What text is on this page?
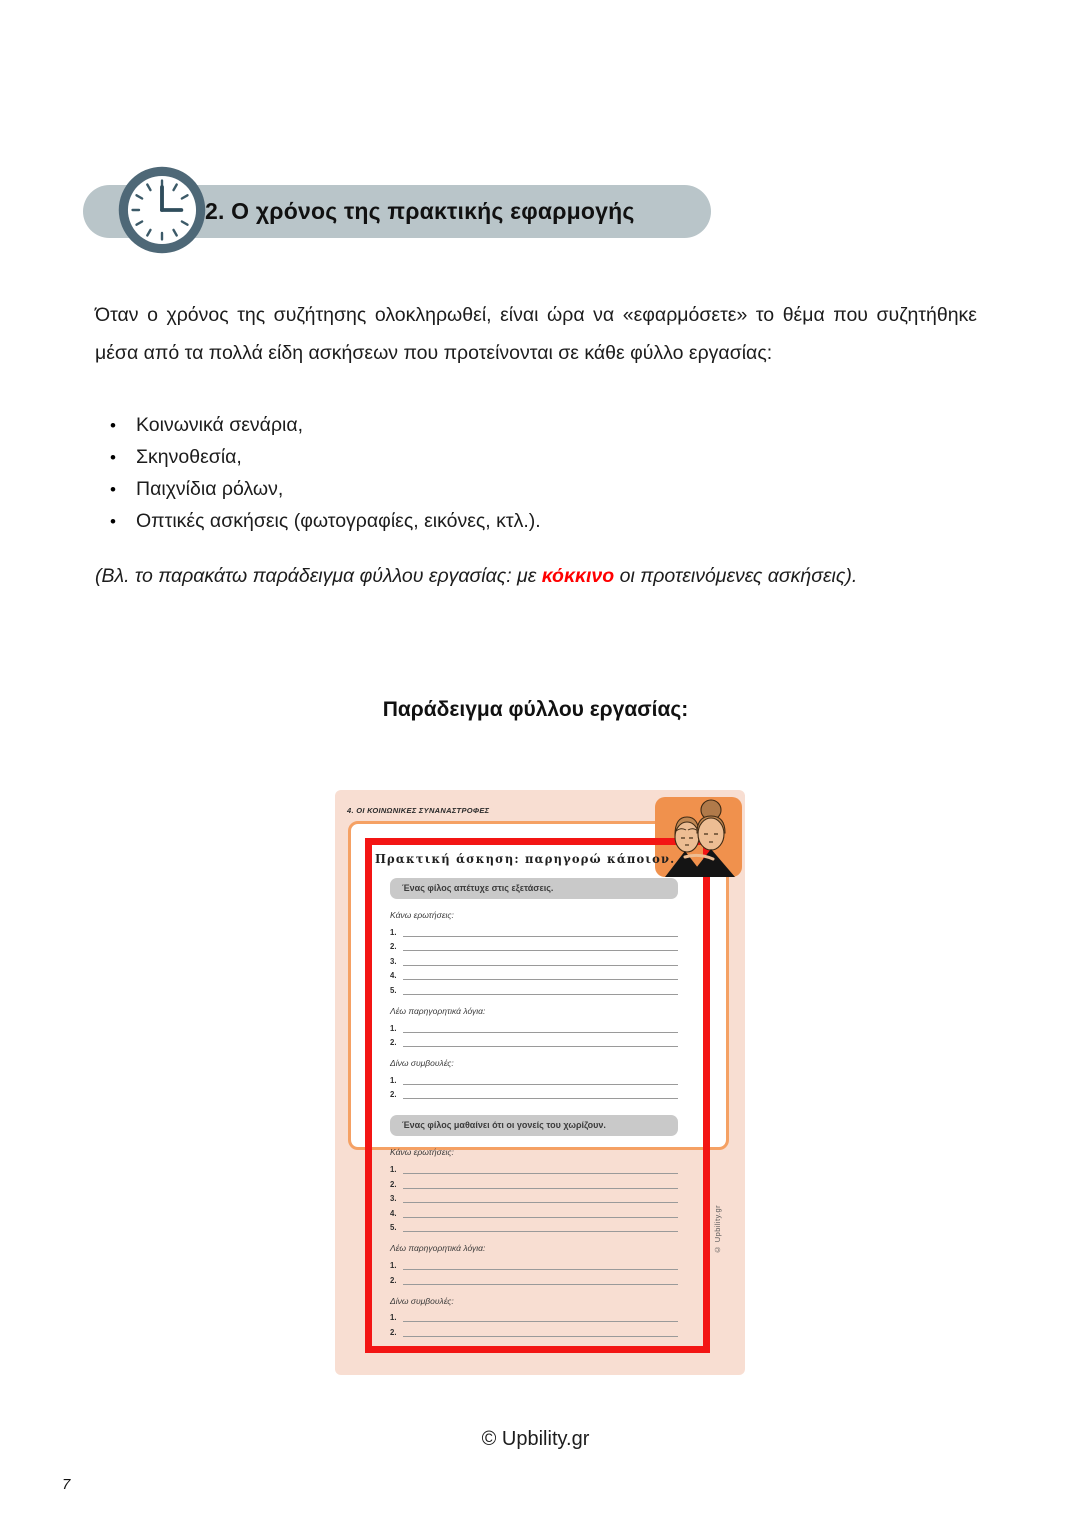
2. Ο χρόνος της πρακτικής εφαρμογής
Όταν ο χρόνος της συζήτησης ολοκληρωθεί, είναι ώρα να «εφαρμόσετε» το θέμα που συζητήθηκε μέσα από τα πολλά είδη ασκήσεων που προτείνονται σε κάθε φύλλο εργασίας:
•	Κοινωνικά σενάρια,
•	Σκηνοθεσία,
•	Παιχνίδια ρόλων,
•	Οπτικές ασκήσεις (φωτογραφίες, εικόνες, κτλ.).
(Βλ. το παρακάτω παράδειγμα φύλλου εργασίας: με κόκκινο οι προτεινόμενες ασκήσεις).
Παράδειγμα φύλλου εργασίας:
4. ΟΙ ΚΟΙΝΩΝΙΚΕΣ ΣΥΝΑΝΑΣΤΡΟΦΕΣ
Πρακτική άσκηση: παρηγορώ κάποιον.
Ένας φίλος απέτυχε στις εξετάσεις.
Κάνω ερωτήσεις:
1.
2.
3.
4.
5.
Λέω παρηγορητικά λόγια:
1.
2.
Δίνω συμβουλές:
1.
2.
Ένας φίλος μαθαίνει ότι οι γονείς του χωρίζουν.
Κάνω ερωτήσεις:
1.
2.
3.
4.
5.
Λέω παρηγορητικά λόγια:
1.
2.
Δίνω συμβουλές:
1.
2.
© Upbility.gr
© Upbility.gr
7
